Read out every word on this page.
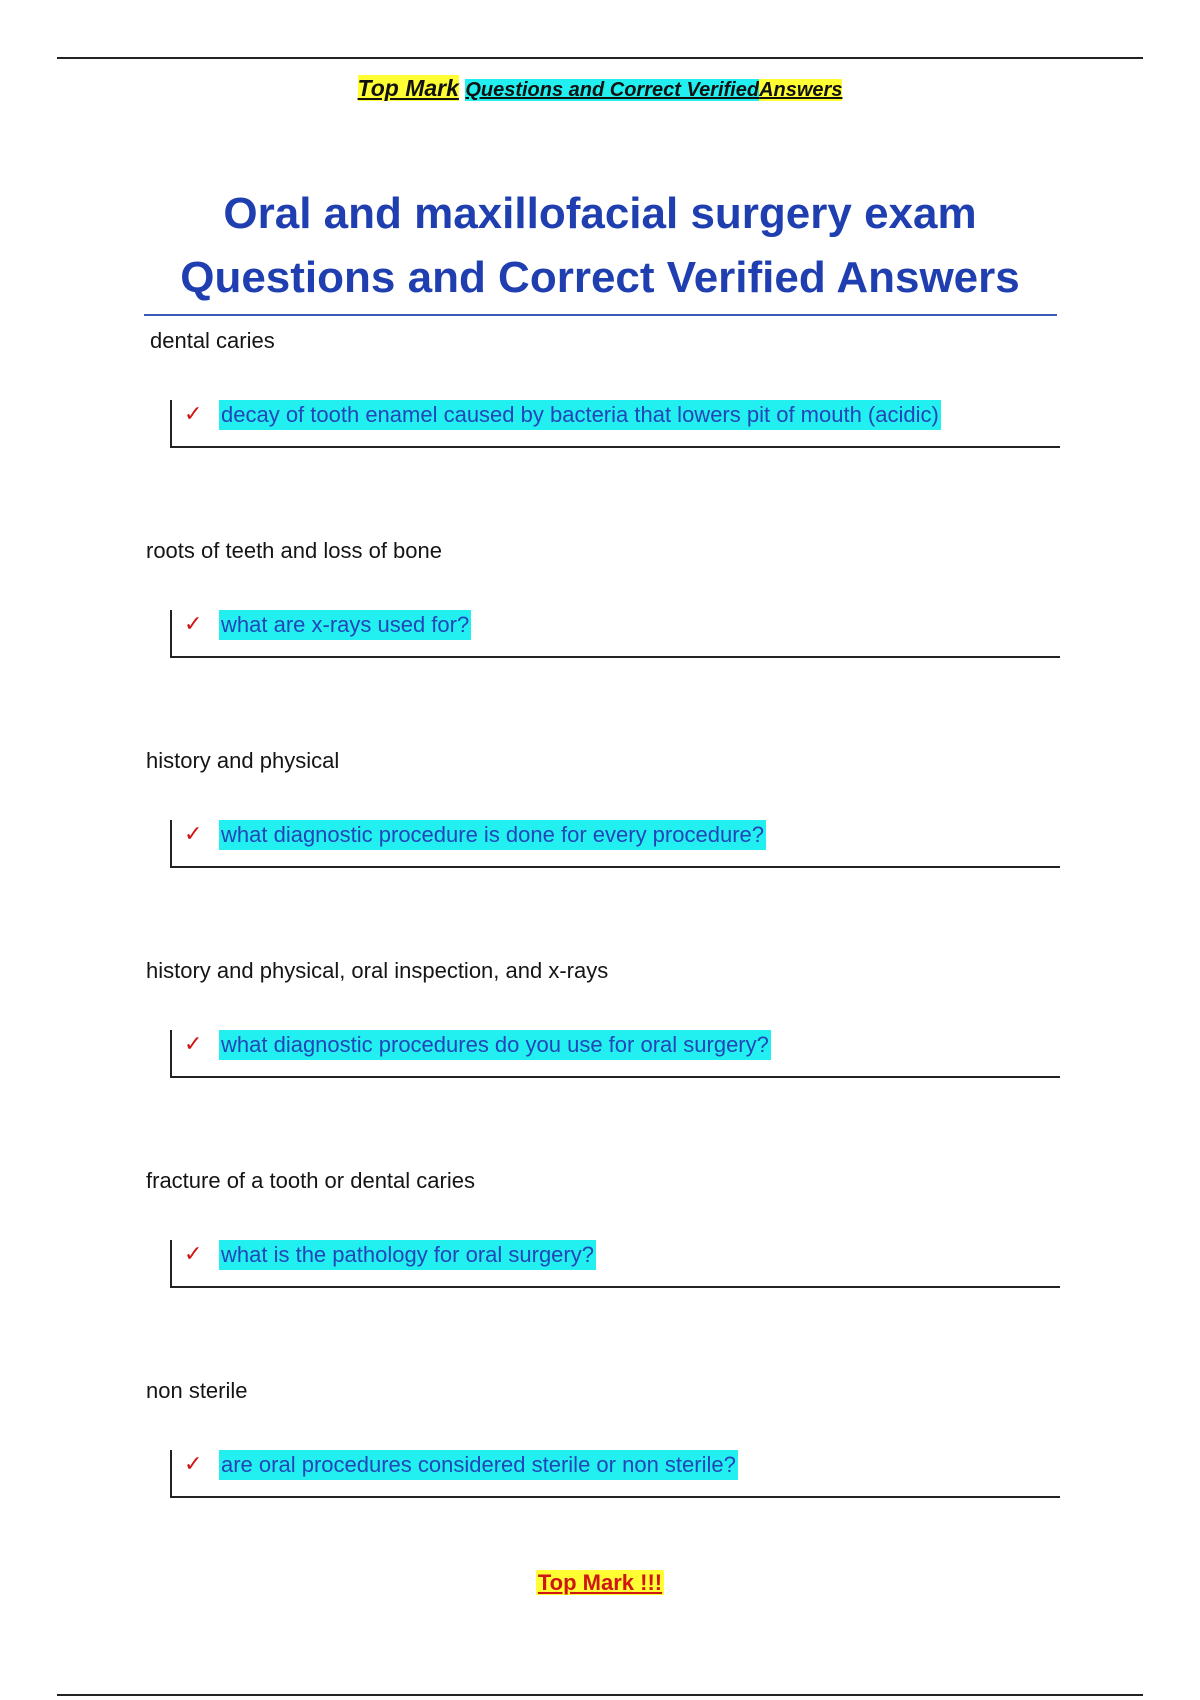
Top Mark Questions and Correct VerifiedAnswers
Oral and maxillofacial surgery exam
Questions and Correct Verified Answers
dental caries
✓ decay of tooth enamel caused by bacteria that lowers pit of mouth (acidic)
roots of teeth and loss of bone
✓ what are x-rays used for?
history and physical
✓ what diagnostic procedure is done for every procedure?
history and physical, oral inspection, and x-rays
✓ what diagnostic procedures do you use for oral surgery?
fracture of a tooth or dental caries
✓ what is the pathology for oral surgery?
non sterile
✓ are oral procedures considered sterile or non sterile?
Top Mark !!!
